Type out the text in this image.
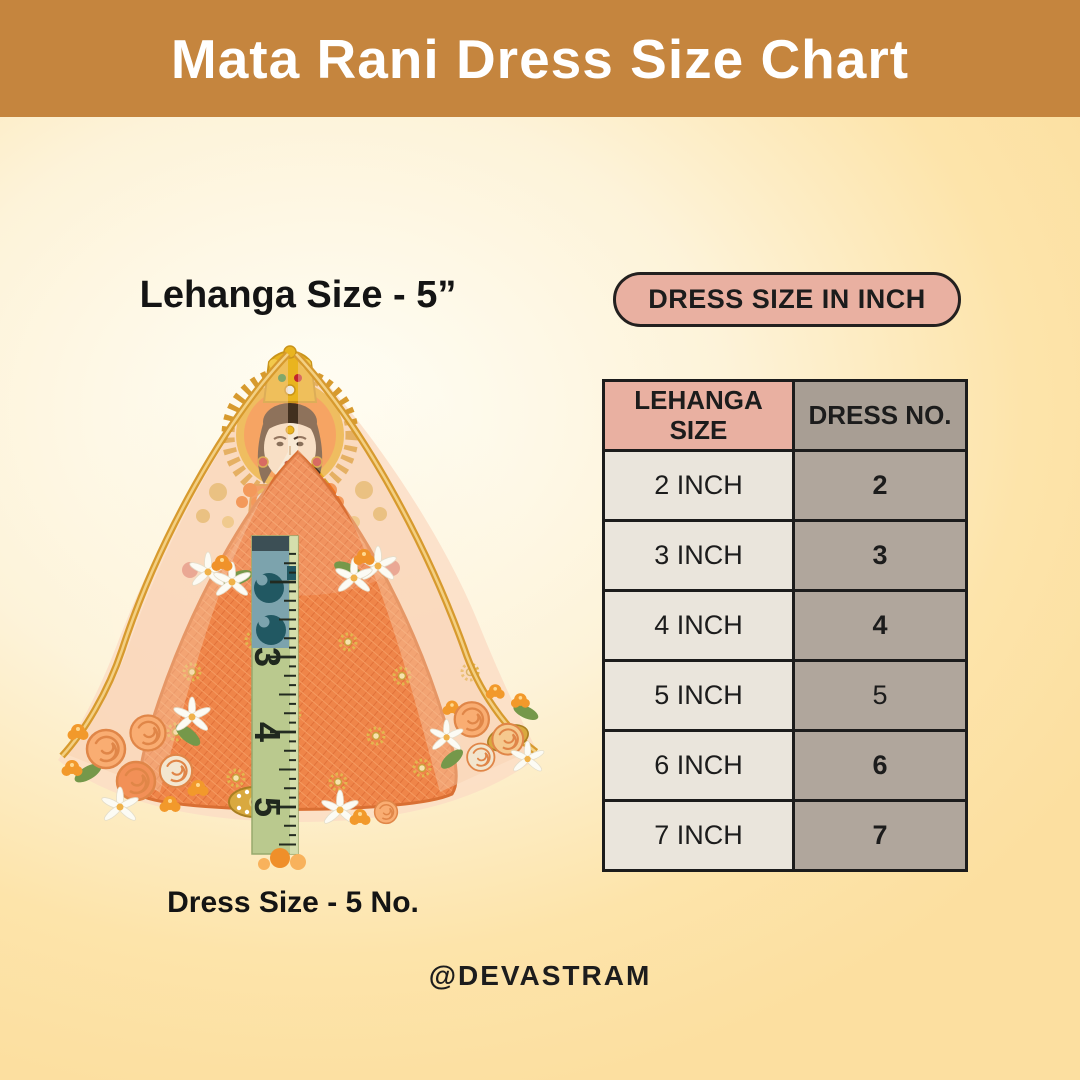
Mata Rani Dress Size Chart
Lehanga Size - 5”
3
4
5
Dress Size - 5 No.
DRESS SIZE IN INCH
LEHANGA SIZE	DRESS NO.
2 INCH	2
3 INCH	3
4 INCH	4
5 INCH	5
6 INCH	6
7 INCH	7
@DEVASTRAM
